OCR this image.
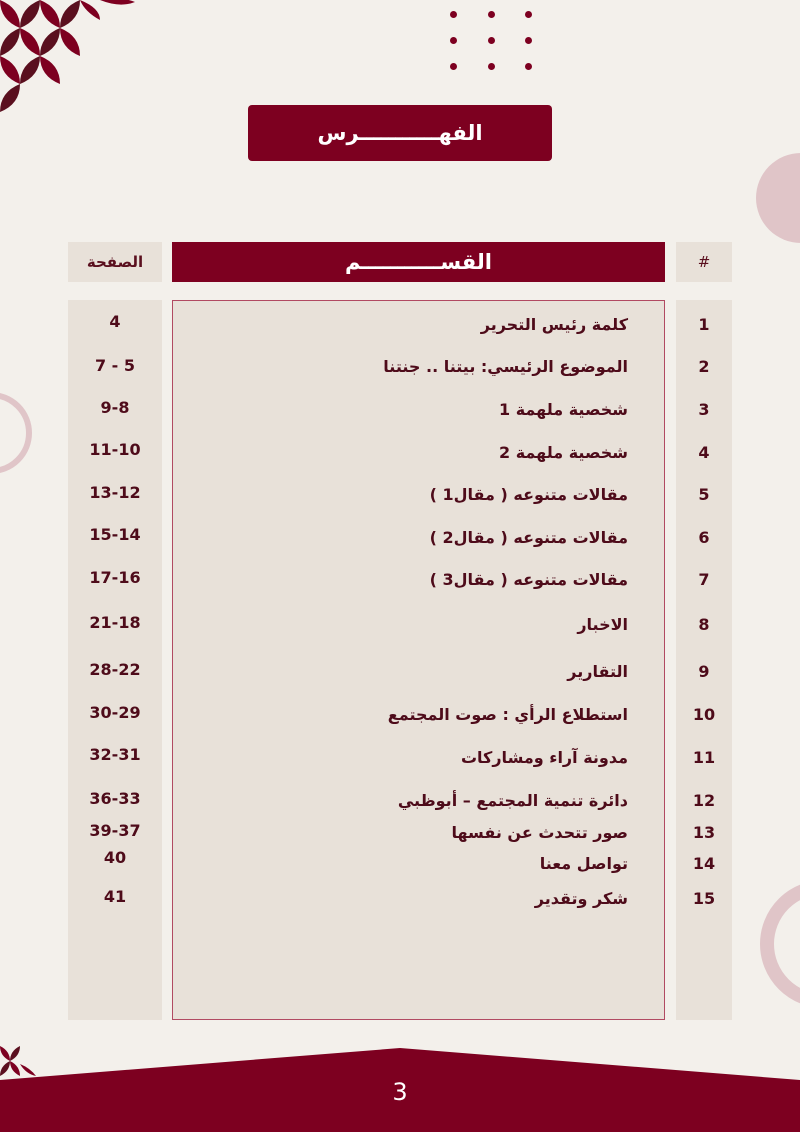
الفهـــــــــــرس
الصفحة	القســـــــــــم	#
1
كلمة رئيس التحرير
4
2
الموضوع الرئيسي: بيتنا .. جنتنا
7 - 5
3
شخصية ملهمة 1
9-8
4
شخصية ملهمة 2
11-10
5
مقالات متنوعه ( مقال1 )
13-12
6
مقالات متنوعه ( مقال2 )
15-14
7
مقالات متنوعه ( مقال3 )
17-16
8
الاخبار
21-18
9
التقارير
28-22
10
استطلاع الرأي : صوت المجتمع
30-29
11
مدونة آراء ومشاركات
32-31
12
دائرة تنمية المجتمع – أبوظبي
36-33
13
صور تتحدث عن نفسها
39-37
14
تواصل معنا
40
15
شكر وتقدير
41
3
